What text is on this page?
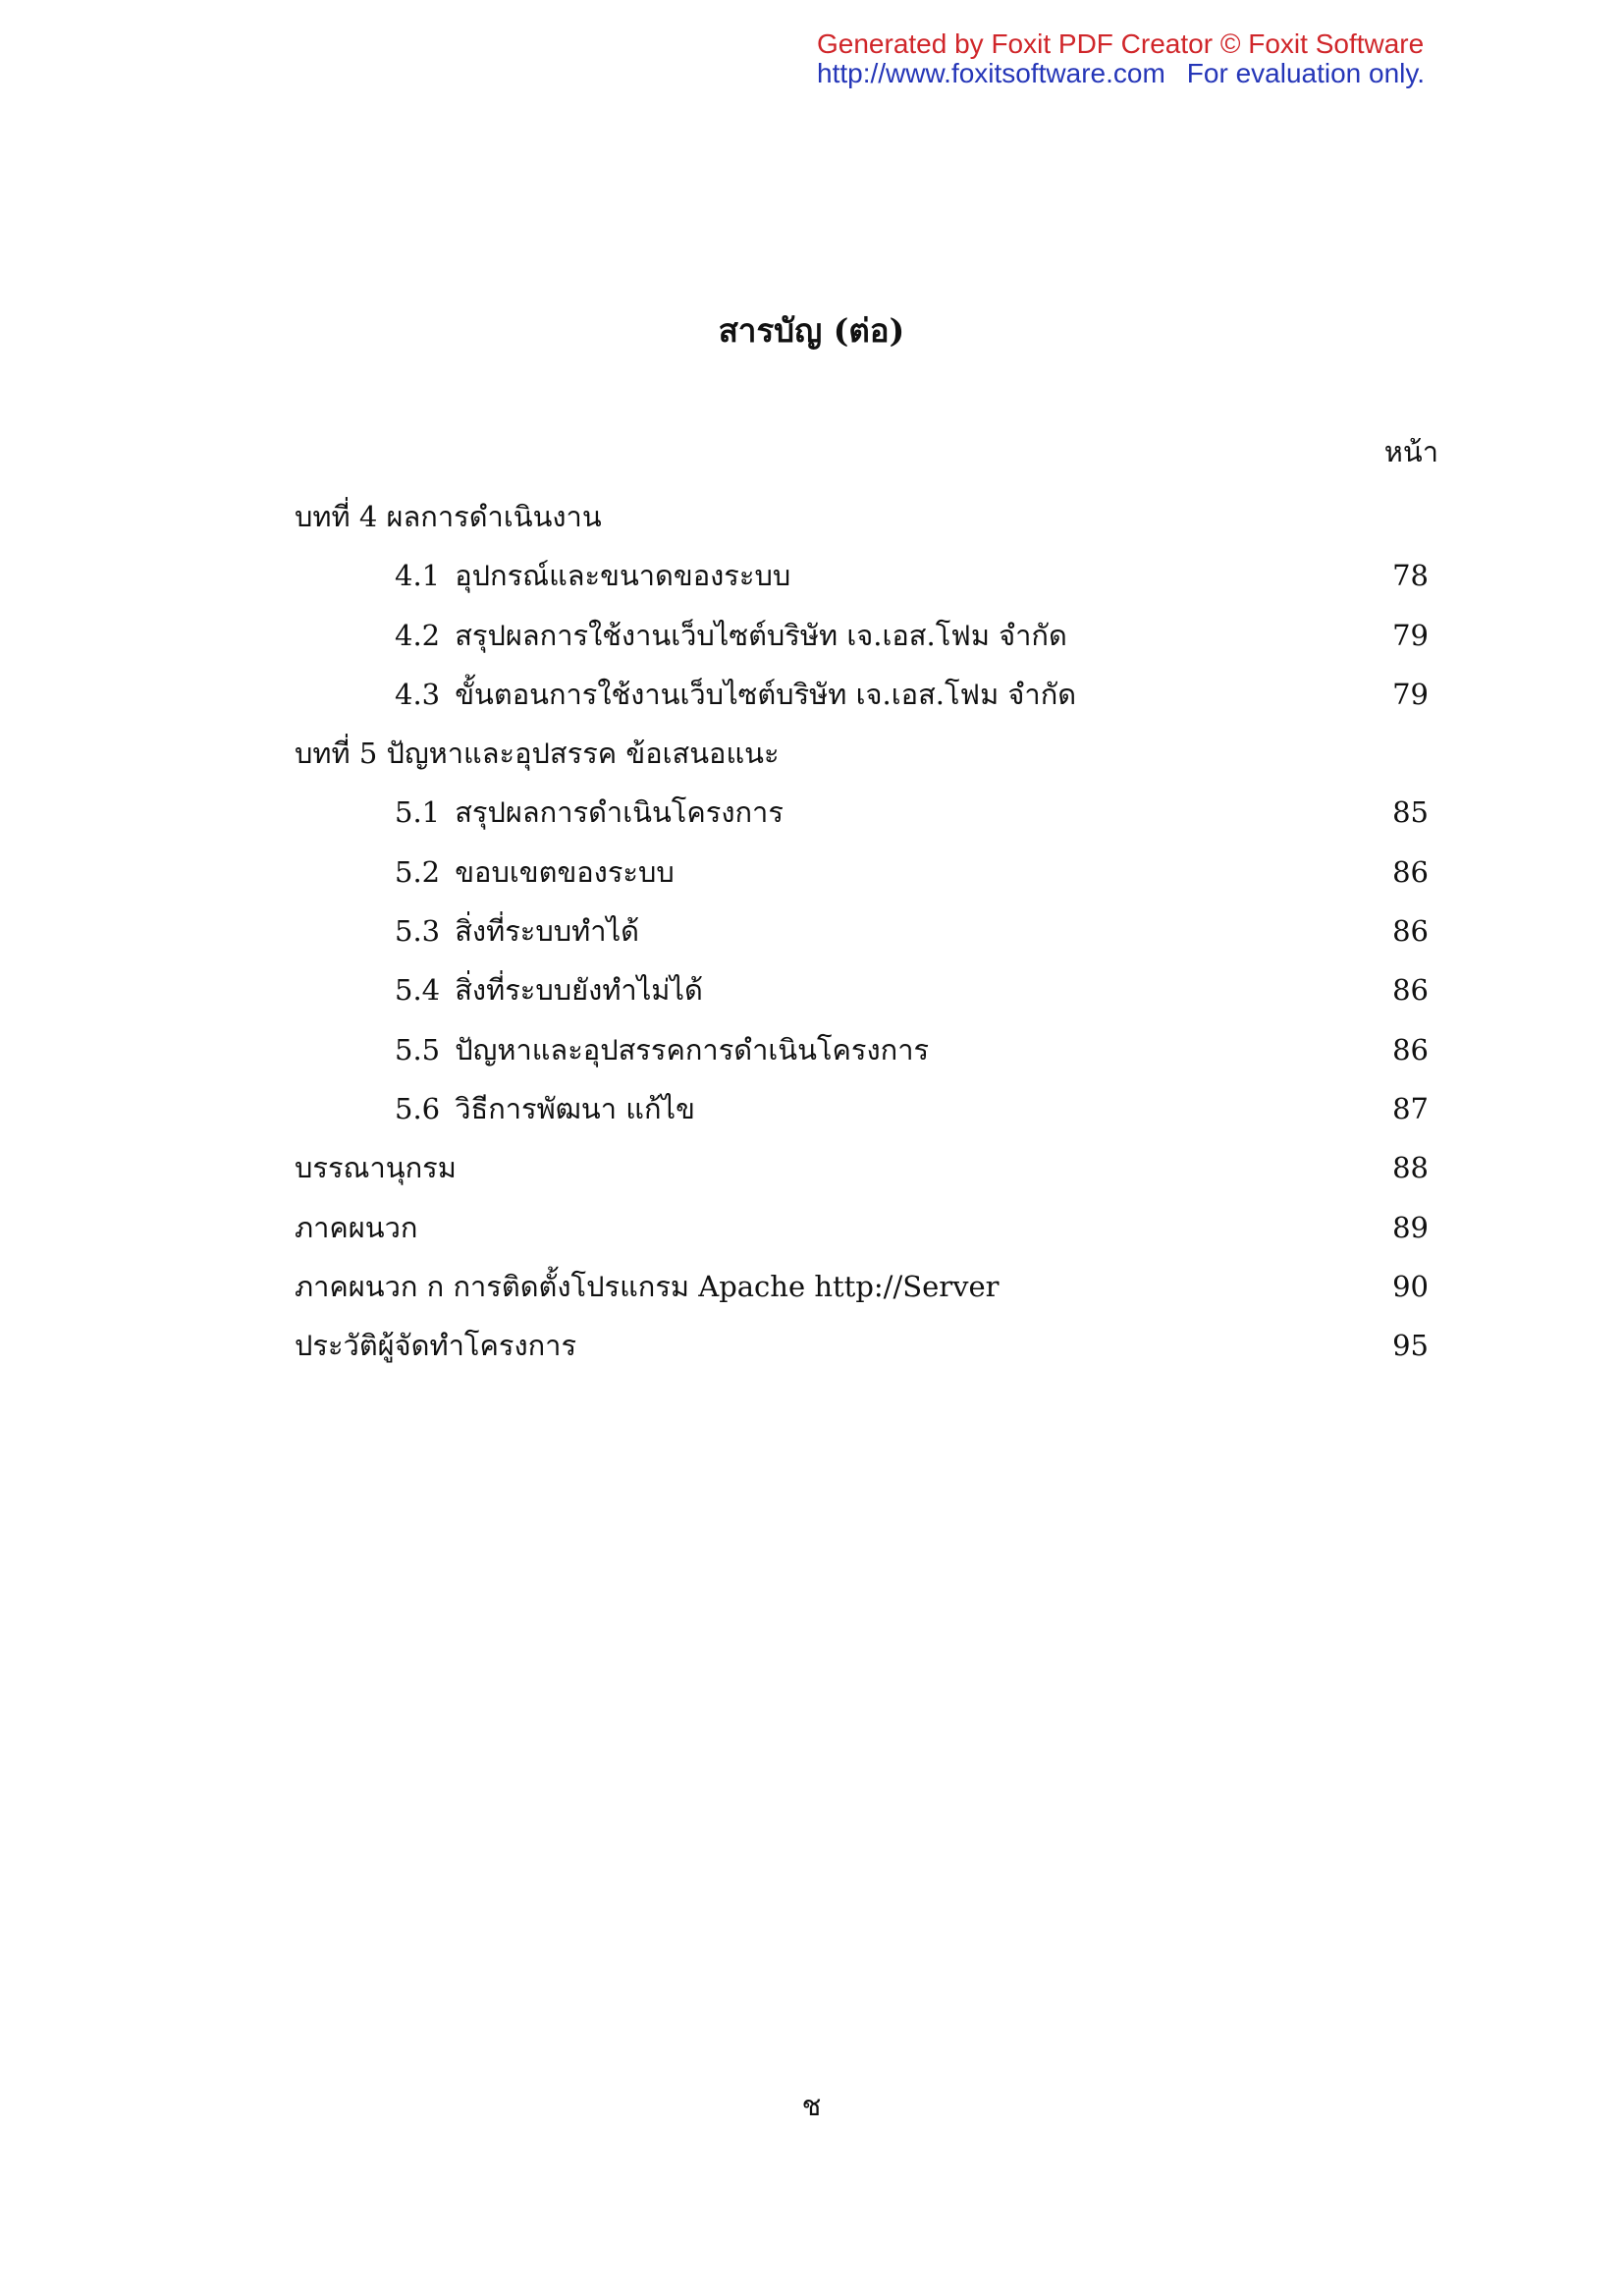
Generated by Foxit PDF Creator © Foxit Software
http://www.foxitsoftware.com For evaluation only.
สารบัญ (ต่อ)
หน้า
บทที่ 4 ผลการดำเนินงาน
4.1 อุปกรณ์และขนาดของระบบ	78
4.2 สรุปผลการใช้งานเว็บไซต์บริษัท เจ.เอส.โฟม จำกัด	79
4.3 ขั้นตอนการใช้งานเว็บไซต์บริษัท เจ.เอส.โฟม จำกัด	79
บทที่ 5 ปัญหาและอุปสรรค ข้อเสนอแนะ
5.1 สรุปผลการดำเนินโครงการ	85
5.2 ขอบเขตของระบบ	86
5.3 สิ่งที่ระบบทำได้	86
5.4 สิ่งที่ระบบยังทำไม่ได้	86
5.5 ปัญหาและอุปสรรคการดำเนินโครงการ	86
5.6 วิธีการพัฒนา แก้ไข	87
บรรณานุกรม	88
ภาคผนวก	89
ภาคผนวก ก การติดตั้งโปรแกรม Apache http://Server	90
ประวัติผู้จัดทำโครงการ	95
ช
